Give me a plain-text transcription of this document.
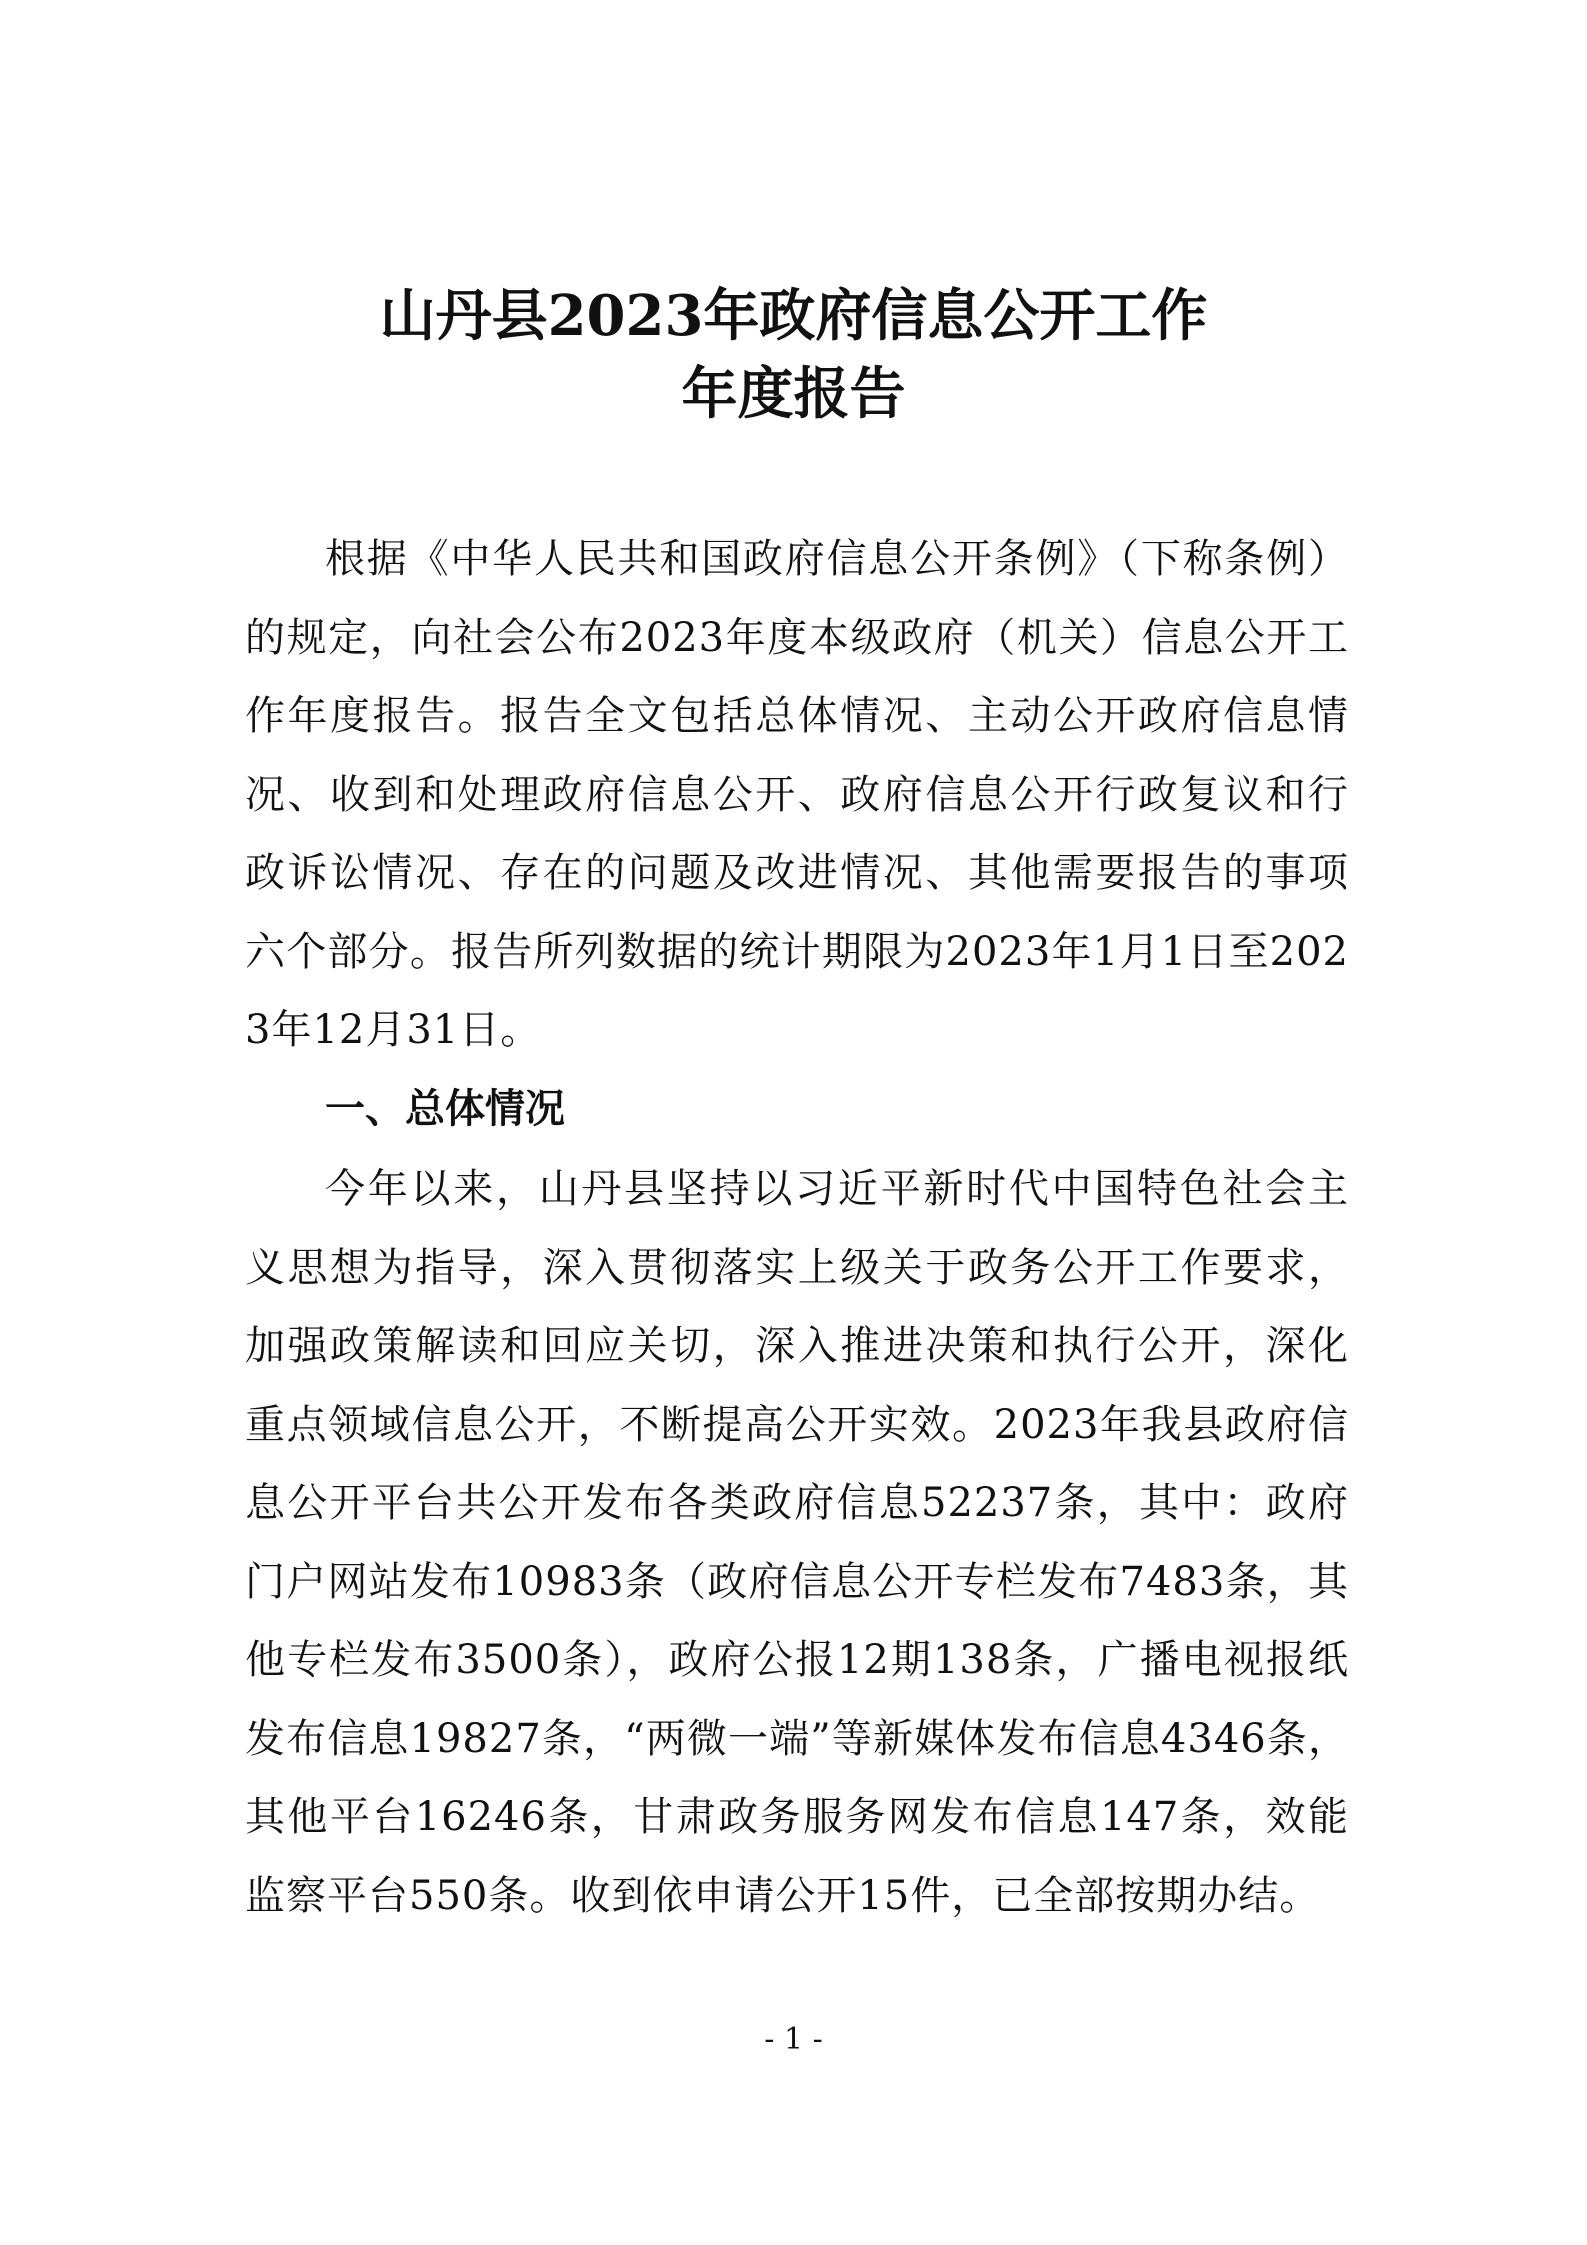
山丹县2023年政府信息公开工作
年度报告

根据《中华人民共和国政府信息公开条例》（下称条例）的规定，向社会公布2023年度本级政府（机关）信息公开工作年度报告。报告全文包括总体情况、主动公开政府信息情况、收到和处理政府信息公开、政府信息公开行政复议和行政诉讼情况、存在的问题及改进情况、其他需要报告的事项六个部分。报告所列数据的统计期限为2023年1月1日至2023年12月31日。

一、总体情况

今年以来，山丹县坚持以习近平新时代中国特色社会主义思想为指导，深入贯彻落实上级关于政务公开工作要求，加强政策解读和回应关切，深入推进决策和执行公开，深化重点领域信息公开，不断提高公开实效。2023年我县政府信息公开平台共公开发布各类政府信息52237条，其中：政府门户网站发布10983条（政府信息公开专栏发布7483条，其他专栏发布3500条），政府公报12期138条，广播电视报纸发布信息19827条，“两微一端”等新媒体发布信息4346条，其他平台16246条，甘肃政务服务网发布信息147条，效能监察平台550条。收到依申请公开15件，已全部按期办结。

- 1 -
